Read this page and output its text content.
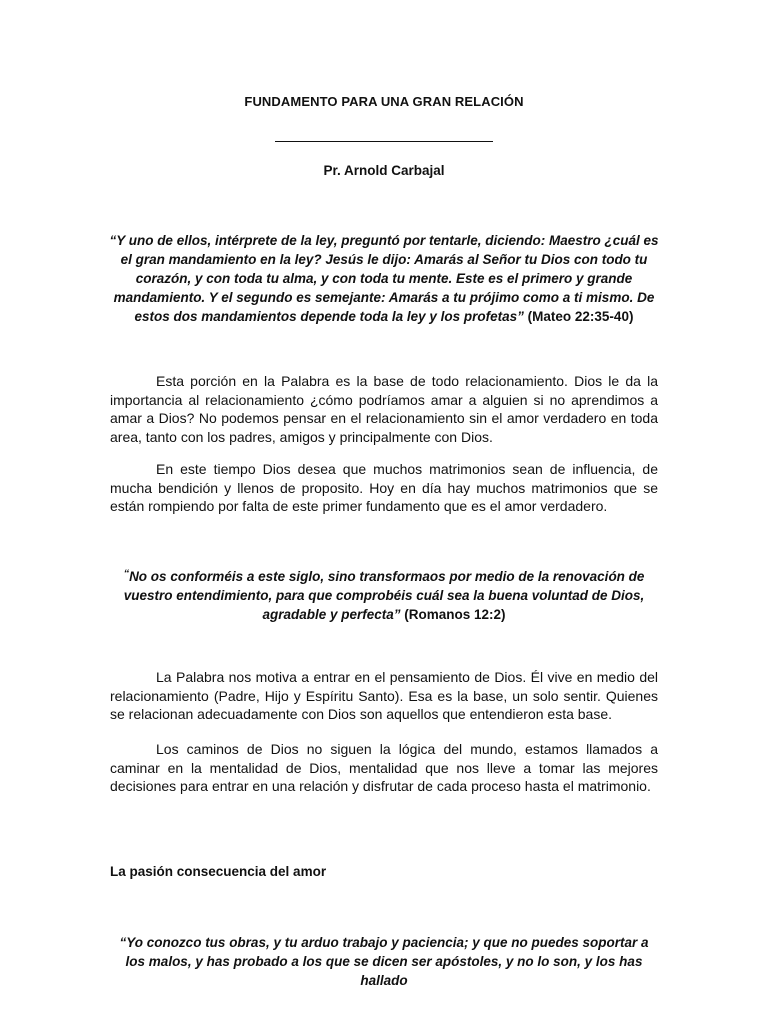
FUNDAMENTO PARA UNA GRAN RELACIÓN
Pr. Arnold Carbajal
“Y uno de ellos, intérprete de la ley, preguntó por tentarle, diciendo: Maestro ¿cuál es el gran mandamiento en la ley? Jesús le dijo: Amarás al Señor tu Dios con todo tu corazón, y con toda tu alma, y con toda tu mente. Este es el primero y grande mandamiento. Y el segundo es semejante: Amarás a tu prójimo como a ti mismo. De estos dos mandamientos depende toda la ley y los profetas” (Mateo 22:35-40)
Esta porción en la Palabra es la base de todo relacionamiento. Dios le da la importancia al relacionamiento ¿cómo podríamos amar a alguien si no aprendimos a amar a Dios? No podemos pensar en el relacionamiento sin el amor verdadero en toda area, tanto con los padres, amigos y principalmente con Dios.
En este tiempo Dios desea que muchos matrimonios sean de influencia, de mucha bendición y llenos de proposito. Hoy en día hay muchos matrimonios que se están rompiendo por falta de este primer fundamento que es el amor verdadero.
“No os conforméis a este siglo, sino transformaos por medio de la renovación de vuestro entendimiento, para que comprobéis cuál sea la buena voluntad de Dios, agradable y perfecta” (Romanos 12:2)
La Palabra nos motiva a entrar en el pensamiento de Dios. Él vive en medio del relacionamiento (Padre, Hijo y Espíritu Santo). Esa es la base, un solo sentir. Quienes se relacionan adecuadamente con Dios son aquellos que entendieron esta base.
Los caminos de Dios no siguen la lógica del mundo, estamos llamados a caminar en la mentalidad de Dios, mentalidad que nos lleve a tomar las mejores decisiones para entrar en una relación y disfrutar de cada proceso hasta el matrimonio.
La pasión consecuencia del amor
“Yo conozco tus obras, y tu arduo trabajo y paciencia; y que no puedes soportar a los malos, y has probado a los que se dicen ser apóstoles, y no lo son, y los has hallado
